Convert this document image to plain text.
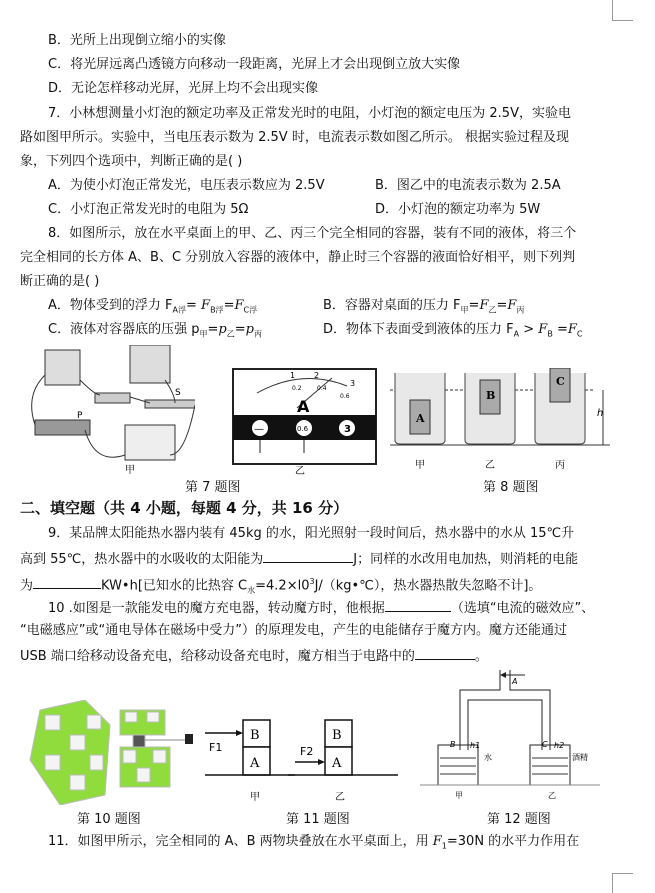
B．光所上出现倒立缩小的实像
C．将光屏远离凸透镜方向移动一段距离，光屏上才会出现倒立放大实像
D．无论怎样移动光屏，光屏上均不会出现实像
7．小林想测量小灯泡的额定功率及正常发光时的电阻，小灯泡的额定电压为 2.5V，实验电
路如图甲所示。实验中，当电压表示数为 2.5V 时，电流表示数如图乙所示。 根据实验过程及现
象，下列四个选项中，判断正确的是( )
A．为使小灯泡正常发光，电压表示数应为 2.5V	B．图乙中的电流表示数为 2.5A
C．小灯泡正常发光时的电阻为 5Ω	D．小灯泡的额定功率为 5W
8．如图所示，放在水平桌面上的甲、乙、丙三个完全相同的容器，装有不同的液体，将三个
完全相同的长方体 A、B、C 分别放入容器的液体中，静止时三个容器的液面恰好相平，则下列判
断正确的是( )
A．物体受到的浮力 $F_{A浮}= F_{B浮}=F_{C浮}$	B．容器对桌面的压力 $F_甲=F_乙=F_丙$
C．液体对容器底的压强 $p_甲=p_乙=p_丙$	D．物体下表面受到液体的压力 $F_A > F_B =F_C$
P
S
甲
1 2
3
0.2	0.4
0.6
A
—	0.6	3
乙
第 7 题图
A
B
C
h
甲	乙	丙
第 8 题图
二、填空题（共 4 小题，每题 4 分，共 16 分）
9．某品牌太阳能热水器内装有 45kg 的水，阳光照射一段时间后，热水器中的水从 15℃升
高到 55℃，热水器中的水吸收的太阳能为	J；同样的水改用电加热，则消耗的电能
为	KW•h[已知水的比热容 $C_水=4.2\times l0^3J/(kg•℃)$，热水器热散失忽略不计]。
10 .如图是一款能发电的魔方充电器，转动魔方时，他根据	（选填“电流的磁效应”、
“电磁感应”或“通电导体在磁场中受力”）的原理发电，产生的电能储存于魔方内。魔方还能通过
USB 端口给移动设备充电，给移动设备充电时，魔方相当于电路中的	。
第 10 题图
B
A
B
A
F1	F2
甲	乙
第 11 题图
A
B	C
h1	h2
水	酒精
甲	乙
第 12 题图
11．如图甲所示，完全相同的 A、B 两物块叠放在水平桌面上，用 $F_1=30N$ 的水平力作用在
